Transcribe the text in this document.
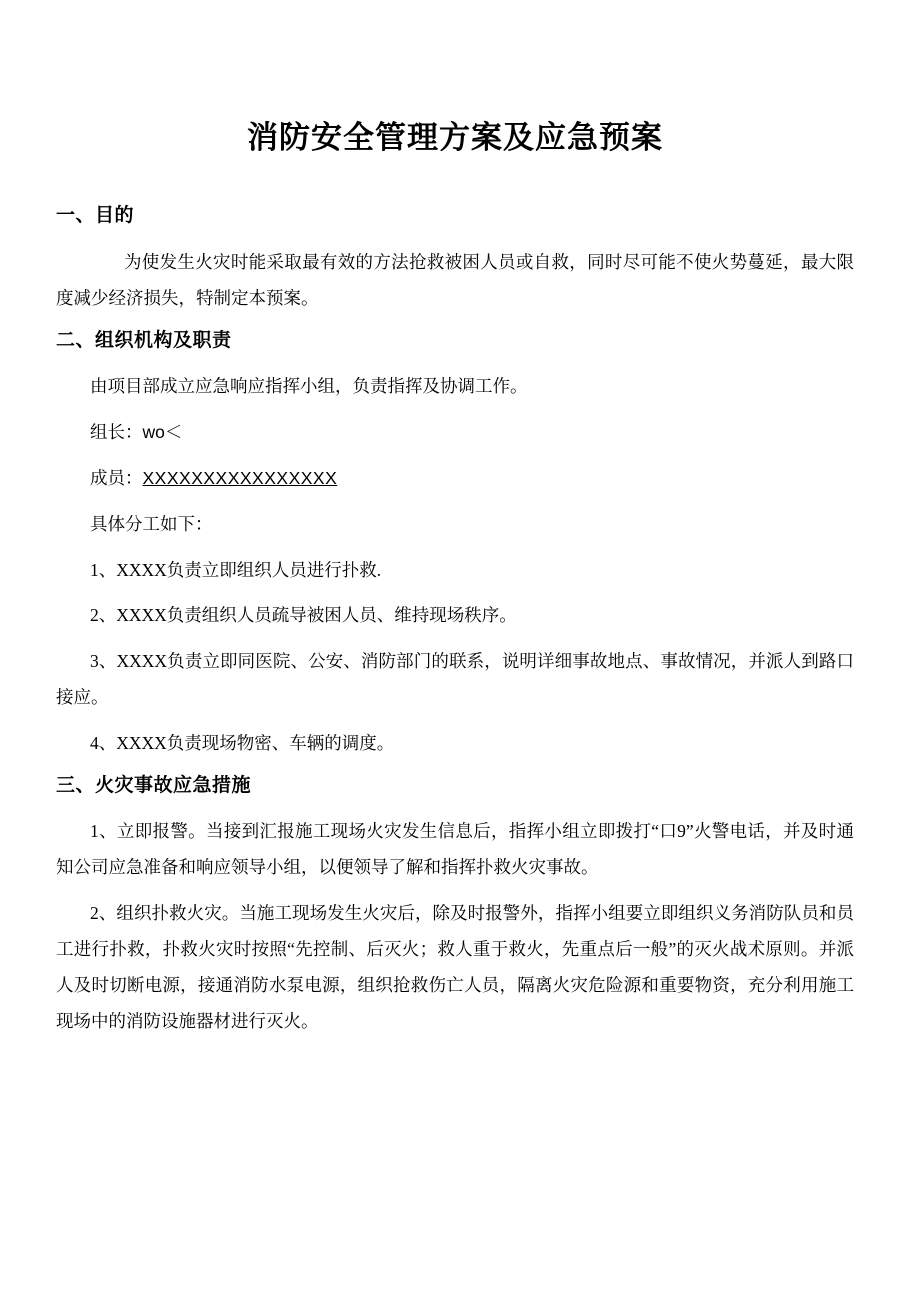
消防安全管理方案及应急预案
一、目的

为使发生火灾时能采取最有效的方法抢救被困人员或自救，同时尽可能不使火势蔓延，最大限度减少经济损失，特制定本预案。

二、组织机构及职责

由项目部成立应急响应指挥小组，负责指挥及协调工作。

组长：wo＜

成员：XXXXXXXXXXXXXXXX

具体分工如下：

1、XXXX负责立即组织人员进行扑救.

2、XXXX负责组织人员疏导被困人员、维持现场秩序。

3、XXXX负责立即同医院、公安、消防部门的联系，说明详细事故地点、事故情况，并派人到路口接应。

4、XXXX负责现场物密、车辆的调度。

三、火灾事故应急措施

1、立即报警。当接到汇报施工现场火灾发生信息后，指挥小组立即拨打“口9”火警电话，并及时通知公司应急准备和响应领导小组，以便领导了解和指挥扑救火灾事故。

2、组织扑救火灾。当施工现场发生火灾后，除及时报警外，指挥小组要立即组织义务消防队员和员工进行扑救，扑救火灾时按照“先控制、后灭火；救人重于救火，先重点后一般”的灭火战术原则。并派人及时切断电源，接通消防水泵电源，组织抢救伤亡人员，隔离火灾危险源和重要物资，充分利用施工现场中的消防设施器材进行灭火。
